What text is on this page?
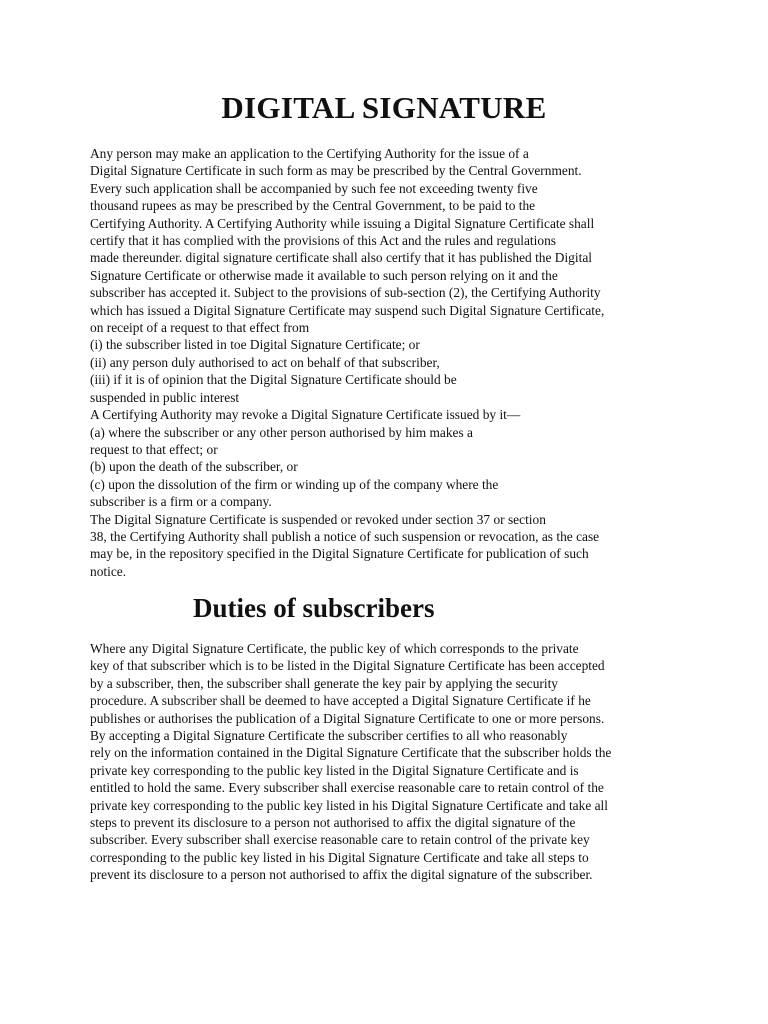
DIGITAL SIGNATURE
Any person may make an application to the Certifying Authority for the issue of a
Digital Signature Certificate in such form as may be prescribed by the Central Government.
Every such application shall be accompanied by such fee not exceeding twenty five
thousand rupees as may be prescribed by the Central Government, to be paid to the
Certifying Authority. A Certifying Authority while issuing a Digital Signature Certificate shall
certify that it has complied with the provisions of this Act and the rules and regulations
made thereunder. digital signature certificate shall also certify that it has published the Digital
Signature Certificate or otherwise made it available to such person relying on it and the
subscriber has accepted it. Subject to the provisions of sub-section (2), the Certifying Authority
which has issued a Digital Signature Certificate may suspend such Digital Signature Certificate,
on receipt of a request to that effect from
(i) the subscriber listed in toe Digital Signature Certificate; or
(ii) any person duly authorised to act on behalf of that subscriber,
(iii) if it is of opinion that the Digital Signature Certificate should be
suspended in public interest
A Certifying Authority may revoke a Digital Signature Certificate issued by it—
(a) where the subscriber or any other person authorised by him makes a
request to that effect; or
(b) upon the death of the subscriber, or
(c) upon the dissolution of the firm or winding up of the company where the
subscriber is a firm or a company.
The Digital Signature Certificate is suspended or revoked under section 37 or section
38, the Certifying Authority shall publish a notice of such suspension or revocation, as the case
may be, in the repository specified in the Digital Signature Certificate for publication of such
notice.
Duties of subscribers
Where any Digital Signature Certificate, the public key of which corresponds to the private
key of that subscriber which is to be listed in the Digital Signature Certificate has been accepted
by a subscriber, then, the subscriber shall generate the key pair by applying the security
procedure. A subscriber shall be deemed to have accepted a Digital Signature Certificate if he
publishes or authorises the publication of a Digital Signature Certificate to one or more persons.
By accepting a Digital Signature Certificate the subscriber certifies to all who reasonably
rely on the information contained in the Digital Signature Certificate that the subscriber holds the
private key corresponding to the public key listed in the Digital Signature Certificate and is
entitled to hold the same. Every subscriber shall exercise reasonable care to retain control of the
private key corresponding to the public key listed in his Digital Signature Certificate and take all
steps to prevent its disclosure to a person not authorised to affix the digital signature of the
subscriber. Every subscriber shall exercise reasonable care to retain control of the private key
corresponding to the public key listed in his Digital Signature Certificate and take all steps to
prevent its disclosure to a person not authorised to affix the digital signature of the subscriber.
